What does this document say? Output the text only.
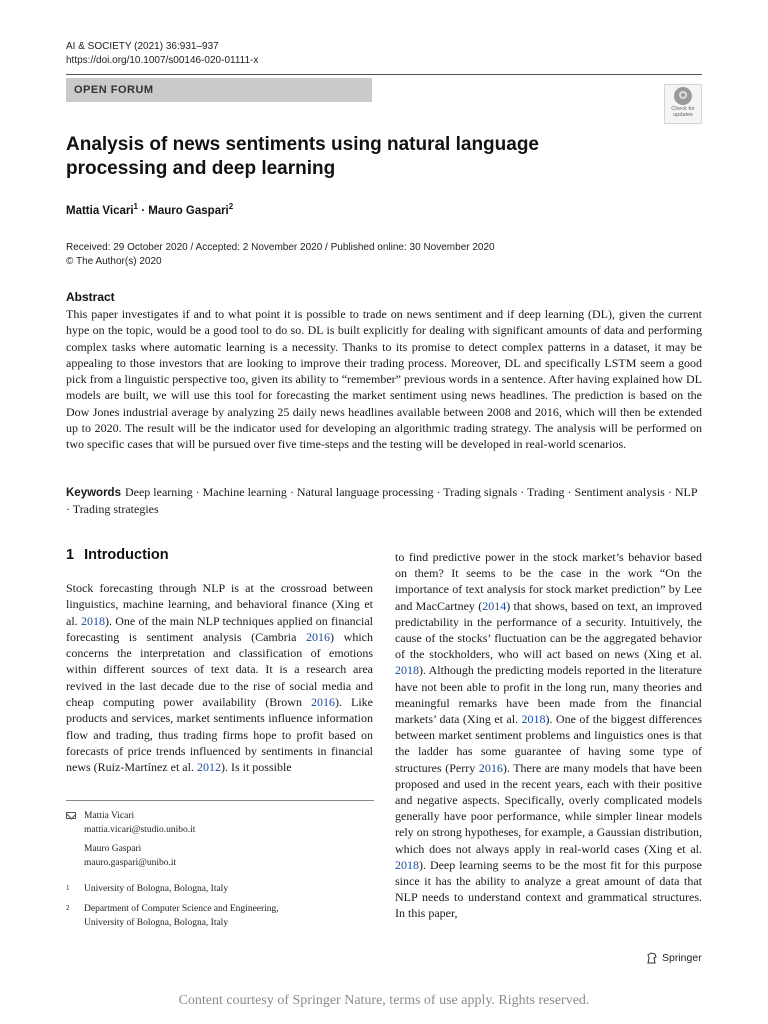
AI & SOCIETY (2021) 36:931–937
https://doi.org/10.1007/s00146-020-01111-x
OPEN FORUM
Check for
updates
Analysis of news sentiments using natural language processing and deep learning
Mattia Vicari$^1$ · Mauro Gaspari$^2$
Received: 29 October 2020 / Accepted: 2 November 2020 / Published online: 30 November 2020
© The Author(s) 2020
Abstract
This paper investigates if and to what point it is possible to trade on news sentiment and if deep learning (DL), given the current hype on the topic, would be a good tool to do so. DL is built explicitly for dealing with significant amounts of data and performing complex tasks where automatic learning is a necessity. Thanks to its promise to detect complex patterns in a dataset, it may be appealing to those investors that are looking to improve their trading process. Moreover, DL and specifically LSTM seem a good pick from a linguistic perspective too, given its ability to “remember” previous words in a sentence. After having explained how DL models are built, we will use this tool for forecasting the market sentiment using news headlines. The prediction is based on the Dow Jones industrial average by analyzing 25 daily news headlines available between 2008 and 2016, which will then be extended up to 2020. The result will be the indicator used for developing an algorithmic trading strategy. The analysis will be performed on two specific cases that will be pursued over five time-steps and the testing will be developed in real-world scenarios.
Keywords Deep learning · Machine learning · Natural language processing · Trading signals · Trading · Sentiment analysis · NLP · Trading strategies
1 Introduction
Stock forecasting through NLP is at the crossroad between linguistics, machine learning, and behavioral finance (Xing et al. 2018). One of the main NLP techniques applied on financial forecasting is sentiment analysis (Cambria 2016) which concerns the interpretation and classification of emotions within different sources of text data. It is a research area revived in the last decade due to the rise of social media and cheap computing power availability (Brown 2016). Like products and services, market sentiments influence information flow and trading, thus trading firms hope to profit based on forecasts of price trends influenced by sentiments in financial news (Ruiz-Martínez et al. 2012). Is it possible
to find predictive power in the stock market’s behavior based on them? It seems to be the case in the work “On the importance of text analysis for stock market prediction” by Lee and MacCartney (2014) that shows, based on text, an improved predictability in the performance of a security. Intuitively, the cause of the stocks’ fluctuation can be the aggregated behavior of the stockholders, who will act based on news (Xing et al. 2018). Although the predicting models reported in the literature have not been able to profit in the long run, many theories and meaningful remarks have been made from the financial markets’ data (Xing et al. 2018). One of the biggest differences between market sentiment problems and linguistics ones is that the ladder has some guarantee of having some type of structures (Perry 2016). There are many models that have been proposed and used in the recent years, each with their positive and negative aspects. Specifically, overly complicated models generally have poor performance, while simpler linear models rely on strong hypotheses, for example, a Gaussian distribution, which does not always apply in real-world cases (Xing et al. 2018). Deep learning seems to be the most fit for this purpose since it has the ability to analyze a great amount of data that NLP needs to understand context and grammatical structures. In this paper,
Mattia Vicari
mattia.vicari@studio.unibo.it
Mauro Gaspari
mauro.gaspari@unibo.it
1 University of Bologna, Bologna, Italy
2 Department of Computer Science and Engineering,
University of Bologna, Bologna, Italy
Springer
Content courtesy of Springer Nature, terms of use apply. Rights reserved.
